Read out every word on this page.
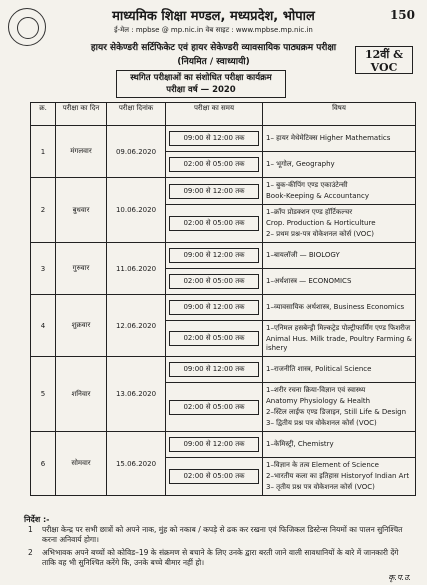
150
माध्यमिक शिक्षा मण्डल, मध्यप्रदेश, भोपाल
ई-मेल : mpbse @ mp.nic.in वेब साइट : www.mpbse.mp.nic.in
हायर सेकेण्डरी सर्टिफिकेट एवं हायर सेकेण्डरी व्यावसायिक पाठ्यक्रम परीक्षा
(नियमित / स्वाध्यायी)
12वीं &
VOC
स्थगित परीक्षाओं का संशोधित परीक्षा कार्यक्रम
परीक्षा वर्ष — 2020
क्र.	परीक्षा का दिन	परीक्षा दिनांक	परीक्षा का समय	विषय
1	मंगलवार	09.06.2020	09:00 से 12:00 तक	1– हायर मेथेमेटिक्स Higher Mathematics

			02:00 से 05:00 तक	1– भूगोल, Geography

2	बुधवार	10.06.2020	09:00 से 12:00 तक	1– बुक-कीपिंग एण्ड एकाउंटेन्सी
Book-Keeping & Accountancy

			02:00 से 05:00 तक	1–क्रॉप प्रोडक्शन एण्ड हॉर्टिकल्चर
Crop. Production & Horticulture
2– प्रथम प्रश्न-पत्र वोकेशनल कोर्स (VOC)

3	गुरुवार	11.06.2020	09:00 से 12:00 तक	1–बायलॉजी — BIOLOGY

			02:00 से 05:00 तक	1–अर्थशास्त्र — ECONOMICS

4	शुक्रवार	12.06.2020	09:00 से 12:00 तक	1–व्यावसायिक अर्थशास्त्र, Business Economics

			02:00 से 05:00 तक	1–एनिमल हसबेन्ड्री मिल्कट्रेड पोल्ट्रीफार्मिंग एण्ड फिशरीज
Animal Hus. Milk trade, Poultry Farming & ishery

5	शनिवार	13.06.2020	09:00 से 12:00 तक	1–राजनीति शास्त्र, Political Science

			02:00 से 05:00 तक	1–शरीर रचना क्रिया-विज्ञान एवं स्वास्थ्य
Anatomy Physiology & Health
2–स्टिल लाईफ एण्ड डिजाइन, Still Life & Design
3– द्वितीय प्रश्न पत्र वोकेशनल कोर्स (VOC)

6	सोमवार	15.06.2020	09:00 से 12:00 तक	1–केमिस्ट्री, Chemistry

			02:00 से 05:00 तक	1–विज्ञान के तत्व Element of Science
2–भारतीय कला का इतिहास Historyof Indian Art
3– तृतीय प्रश्न पत्र वोकेशनल कोर्स (VOC)
निर्देश :-
1 परीक्षा केन्द्र पर सभी छात्रों को अपने नाक, मुंह को नकाब / कपड़े से ढक कर रखना एवं फिजिकल डिस्टेन्स नियमों का पालन सुनिश्चित करना अनिवार्य होगा।
2 अभिभावक अपने बच्चों को कोविड–19 के संक्रमण से बचाने के लिए उनके द्वारा बरती जाने वाली सावधानियों के बारे में जानकारी देंगे ताकि वह भी सुनिश्चित करेंगे कि, उनके बच्चे बीमार नहीं हो।
कृ.प.उ.
